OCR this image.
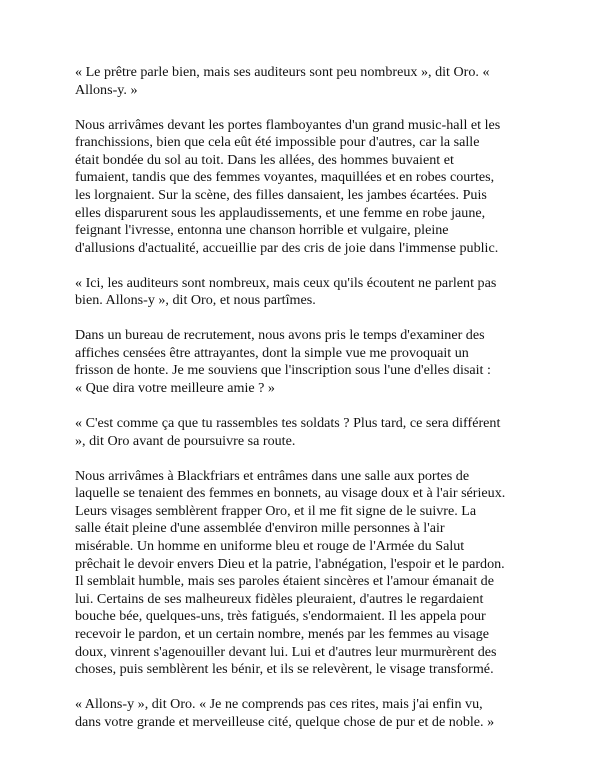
« Le prêtre parle bien, mais ses auditeurs sont peu nombreux », dit Oro. «
Allons-y. »
Nous arrivâmes devant les portes flamboyantes d'un grand music-hall et les
franchissions, bien que cela eût été impossible pour d'autres, car la salle
était bondée du sol au toit. Dans les allées, des hommes buvaient et
fumaient, tandis que des femmes voyantes, maquillées et en robes courtes,
les lorgnaient. Sur la scène, des filles dansaient, les jambes écartées. Puis
elles disparurent sous les applaudissements, et une femme en robe jaune,
feignant l'ivresse, entonna une chanson horrible et vulgaire, pleine
d'allusions d'actualité, accueillie par des cris de joie dans l'immense public.
« Ici, les auditeurs sont nombreux, mais ceux qu'ils écoutent ne parlent pas
bien. Allons-y », dit Oro, et nous partîmes.
Dans un bureau de recrutement, nous avons pris le temps d'examiner des
affiches censées être attrayantes, dont la simple vue me provoquait un
frisson de honte. Je me souviens que l'inscription sous l'une d'elles disait :
« Que dira votre meilleure amie ? »
« C'est comme ça que tu rassembles tes soldats ? Plus tard, ce sera différent
», dit Oro avant de poursuivre sa route.
Nous arrivâmes à Blackfriars et entrâmes dans une salle aux portes de
laquelle se tenaient des femmes en bonnets, au visage doux et à l'air sérieux.
Leurs visages semblèrent frapper Oro, et il me fit signe de le suivre. La
salle était pleine d'une assemblée d'environ mille personnes à l'air
misérable. Un homme en uniforme bleu et rouge de l'Armée du Salut
prêchait le devoir envers Dieu et la patrie, l'abnégation, l'espoir et le pardon.
Il semblait humble, mais ses paroles étaient sincères et l'amour émanait de
lui. Certains de ses malheureux fidèles pleuraient, d'autres le regardaient
bouche bée, quelques-uns, très fatigués, s'endormaient. Il les appela pour
recevoir le pardon, et un certain nombre, menés par les femmes au visage
doux, vinrent s'agenouiller devant lui. Lui et d'autres leur murmurèrent des
choses, puis semblèrent les bénir, et ils se relevèrent, le visage transformé.
« Allons-y », dit Oro. « Je ne comprends pas ces rites, mais j'ai enfin vu,
dans votre grande et merveilleuse cité, quelque chose de pur et de noble. »
